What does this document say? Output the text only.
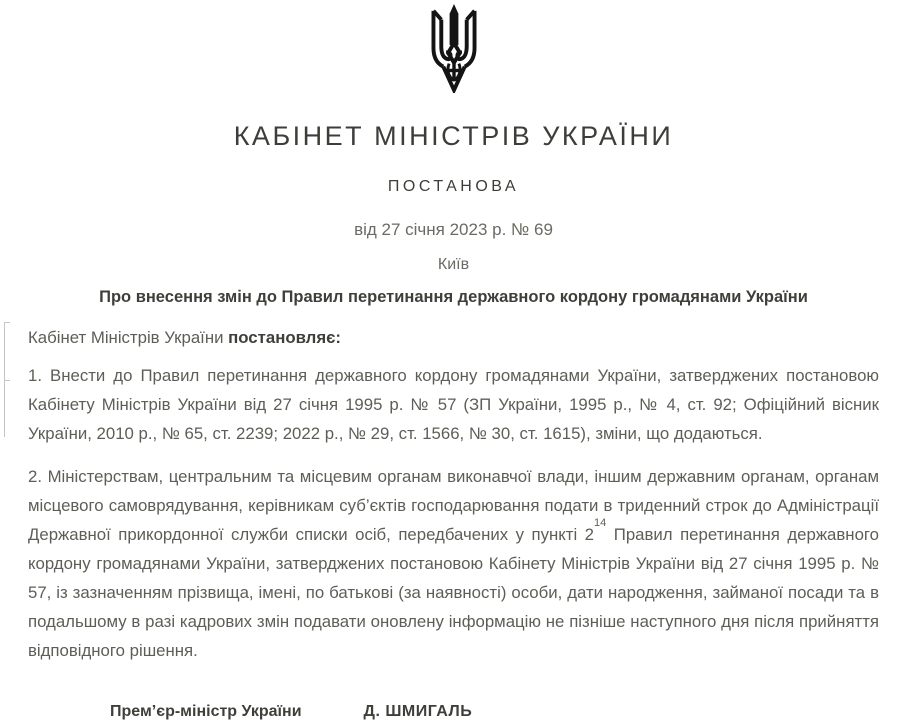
КАБІНЕТ МІНІСТРІВ УКРАЇНИ
ПОСТАНОВА
від 27 січня 2023 р. № 69
Київ
Про внесення змін до Правил перетинання державного кордону громадянами України

Кабінет Міністрів України постановляє:

1. Внести до Правил перетинання державного кордону громадянами України, затверджених постановою Кабінету Міністрів України від 27 січня 1995 р. № 57 (ЗП України, 1995 р., № 4, ст. 92; Офіційний вісник України, 2010 р., № 65, ст. 2239; 2022 р., № 29, ст. 1566, № 30, ст. 1615), зміни, що додаються.

2. Міністерствам, центральним та місцевим органам виконавчої влади, іншим державним органам, органам місцевого самоврядування, керівникам суб’єктів господарювання подати в триденний строк до Адміністрації Державної прикордонної служби списки осіб, передбачених у пункті $2^{14}$ Правил перетинання державного кордону громадянами України, затверджених постановою Кабінету Міністрів України від 27 січня 1995 р. № 57, із зазначенням прізвища, імені, по батькові (за наявності) особи, дати народження, займаної посади та в подальшому в разі кадрових змін подавати оновлену інформацію не пізніше наступного дня після прийняття відповідного рішення.

Прем’єр-міністр України	Д. ШМИГАЛЬ
